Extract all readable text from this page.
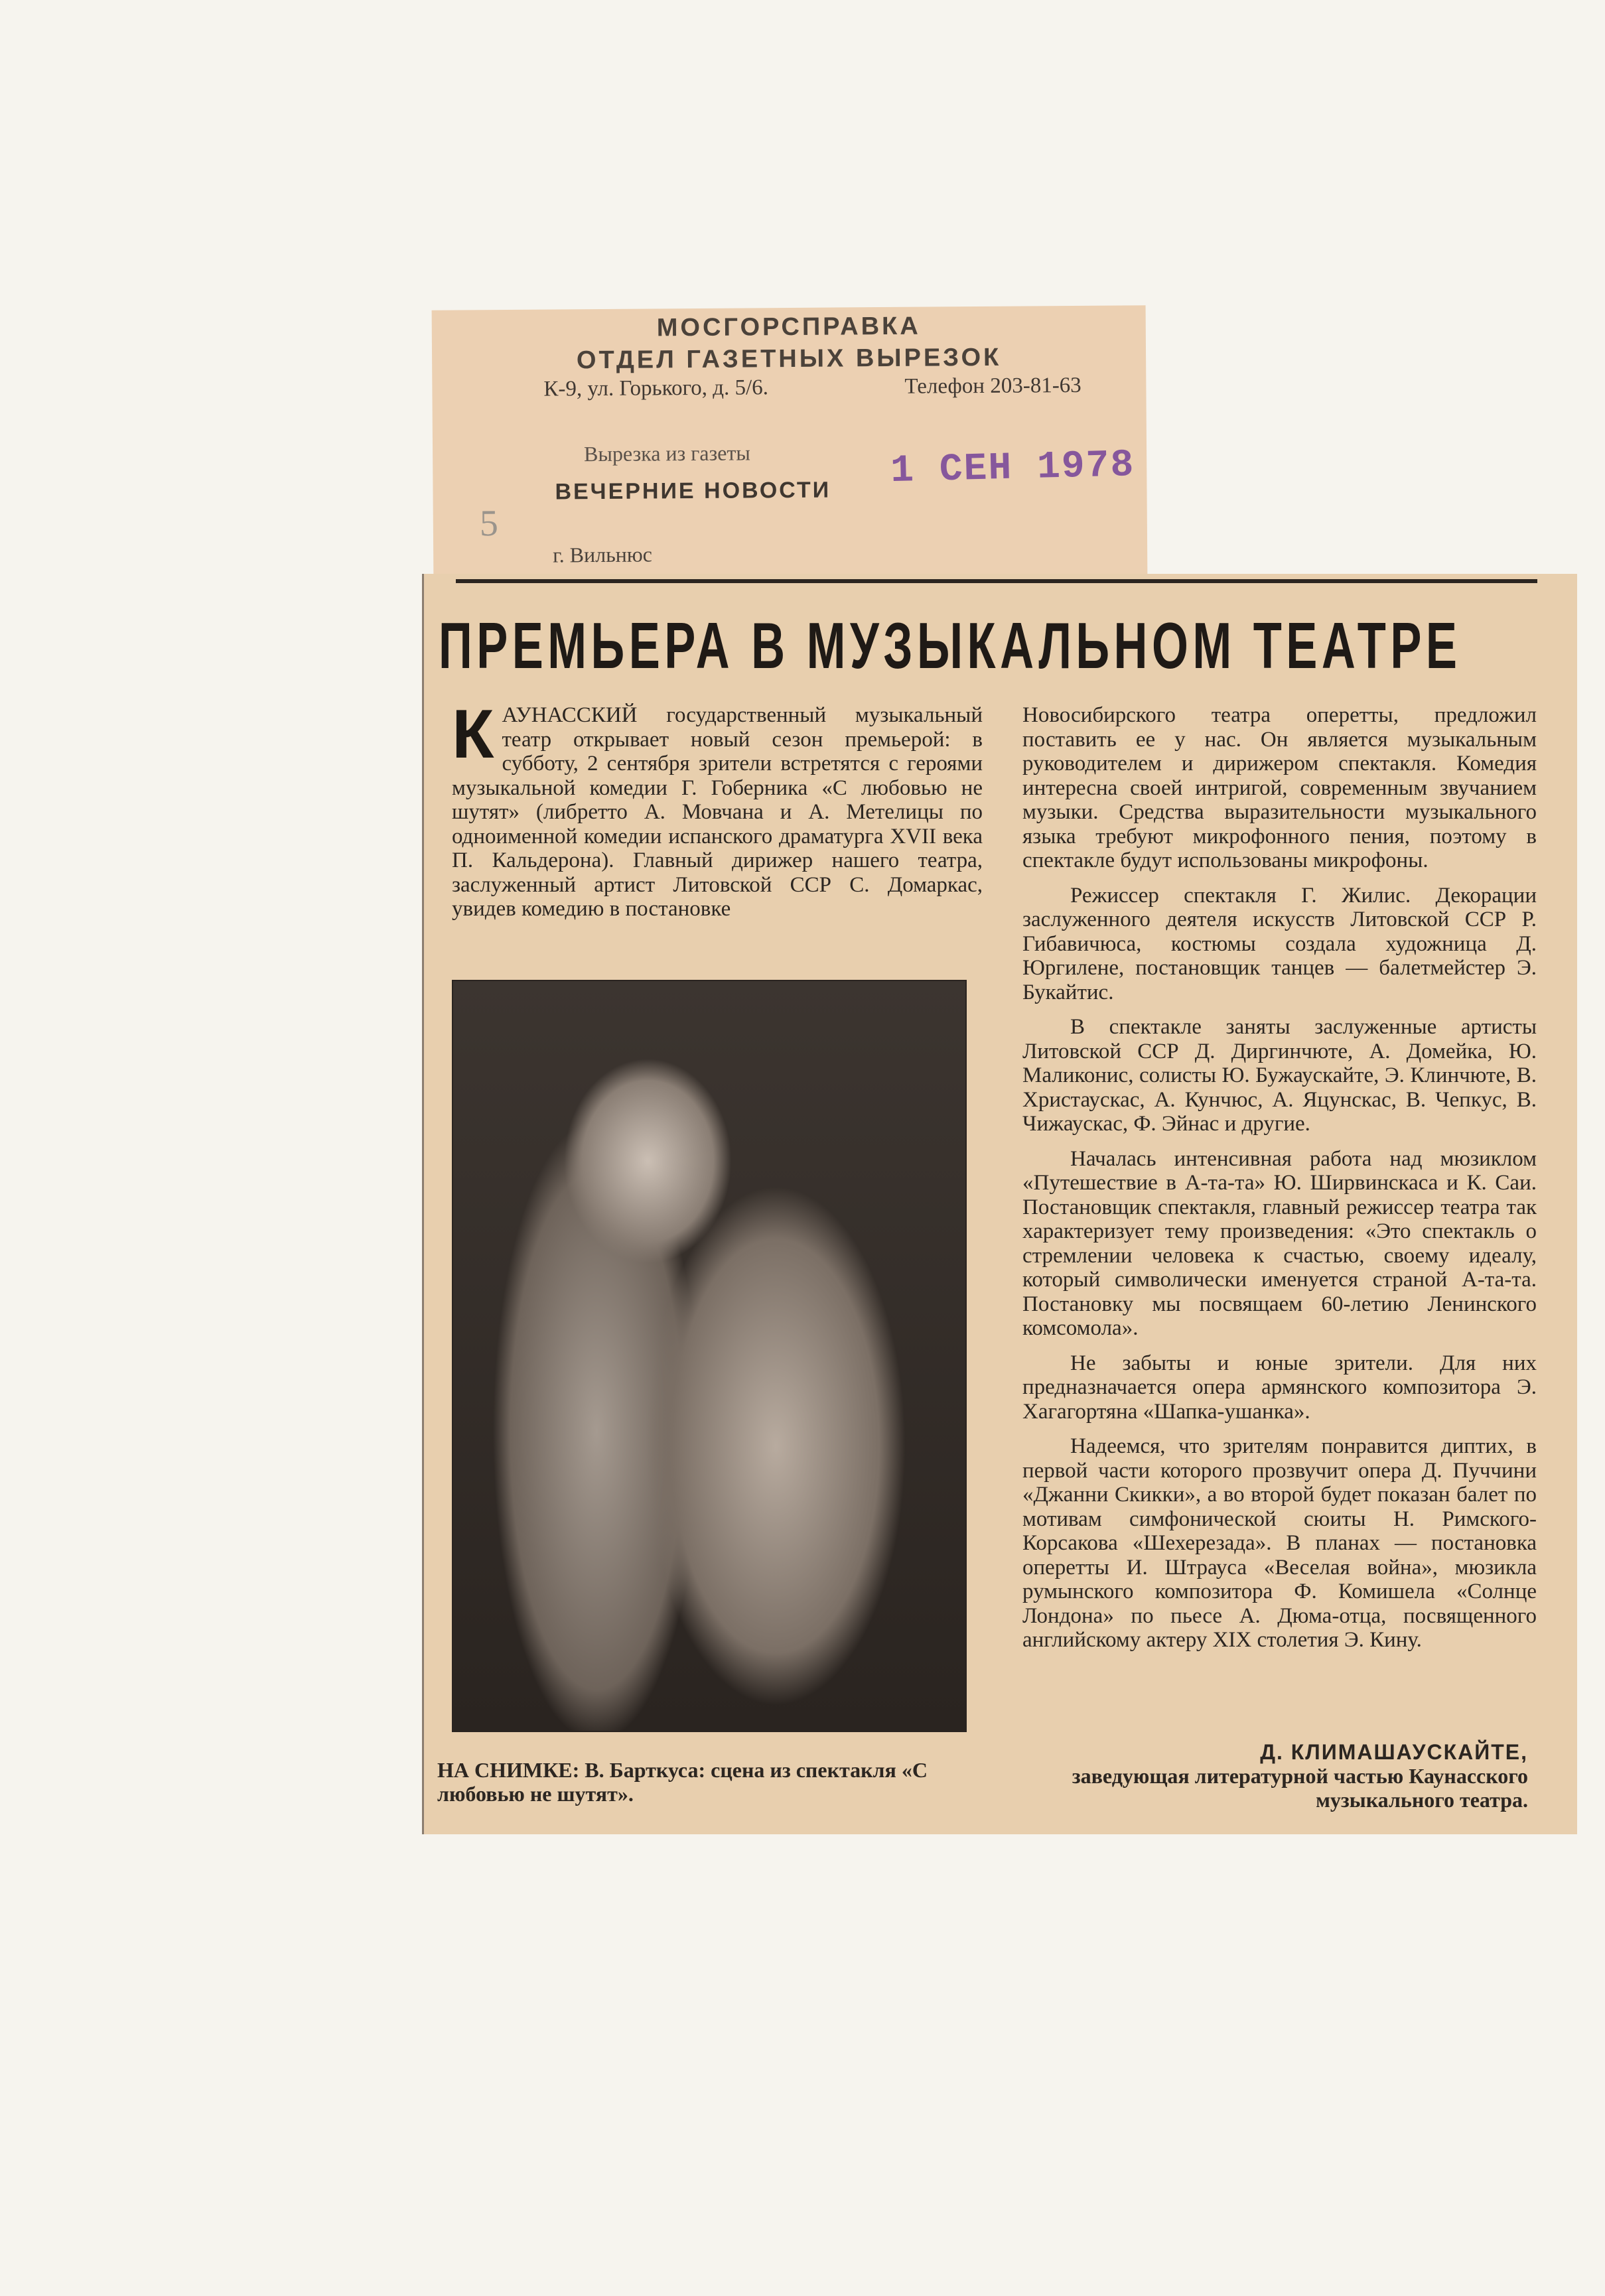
МОСГОРСПРАВКА
ОТДЕЛ ГАЗЕТНЫХ ВЫРЕЗОК
К-9, ул. Горького, д. 5/6.	Телефон 203-81-63
5
Вырезка из газеты
ВЕЧЕРНИЕ НОВОСТИ 1 СЕН 1978
г. Вильнюс
ПРЕМЬЕРА В МУЗЫКАЛЬНОМ ТЕАТРЕ

К АУНАССКИЙ государственный музыкальный театр открывает новый сезон премьерой: в субботу, 2 сентября зрители встретятся с героями музыкальной комедии Г. Гоберника «С любовью не шутят» (либретто А. Мовчана и А. Метелицы по одноименной комедии испанского драматурга XVII века П. Кальдерона). Главный дирижер нашего театра, заслуженный артист Литовской ССР С. Домаркас, увидев комедию в постановке

НА СНИМКЕ: В. Барткуса: сцена из спектакля «С любовью не шутят».

Новосибирского театра оперетты, предложил поставить ее у нас. Он является музыкальным руководителем и дирижером спектакля. Комедия интересна своей интригой, современным звучанием музыки. Средства выразительности музыкального языка требуют микрофонного пения, поэтому в спектакле будут использованы микрофоны.

Режиссер спектакля Г. Жилис. Декорации заслуженного деятеля искусств Литовской ССР Р. Гибавичюса, костюмы создала художница Д. Юргилене, постановщик танцев — балетмейстер Э. Букайтис.

В спектакле заняты заслуженные артисты Литовской ССР Д. Диргинчюте, А. Домейка, Ю. Маликонис, солисты Ю. Бужаускайте, Э. Клинчюте, В. Христаускас, А. Кунчюс, А. Яцунскас, В. Чепкус, В. Чижаускас, Ф. Эйнас и другие.

Началась интенсивная работа над мюзиклом «Путешествие в А-та-та» Ю. Ширвинскаса и К. Саи. Постановщик спектакля, главный режиссер театра так характеризует тему произведения: «Это спектакль о стремлении человека к счастью, своему идеалу, который символически именуется страной А-та-та. Постановку мы посвящаем 60-летию Ленинского комсомола».

Не забыты и юные зрители. Для них предназначается опера армянского композитора Э. Хагагортяна «Шапка-ушанка».

Надеемся, что зрителям понравится диптих, в первой части которого прозвучит опера Д. Пуччини «Джанни Скикки», а во второй будет показан балет по мотивам симфонической сюиты Н. Римского-Корсакова «Шехерезада». В планах — постановка оперетты И. Штрауса «Веселая война», мюзикла румынского композитора Ф. Комишела «Солнце Лондона» по пьесе А. Дюма-отца, посвященного английскому актеру XIX столетия Э. Кину.

Д. КЛИМАШАУСКАЙТЕ,
заведующая литературной частью Каунасского музыкального театра.
